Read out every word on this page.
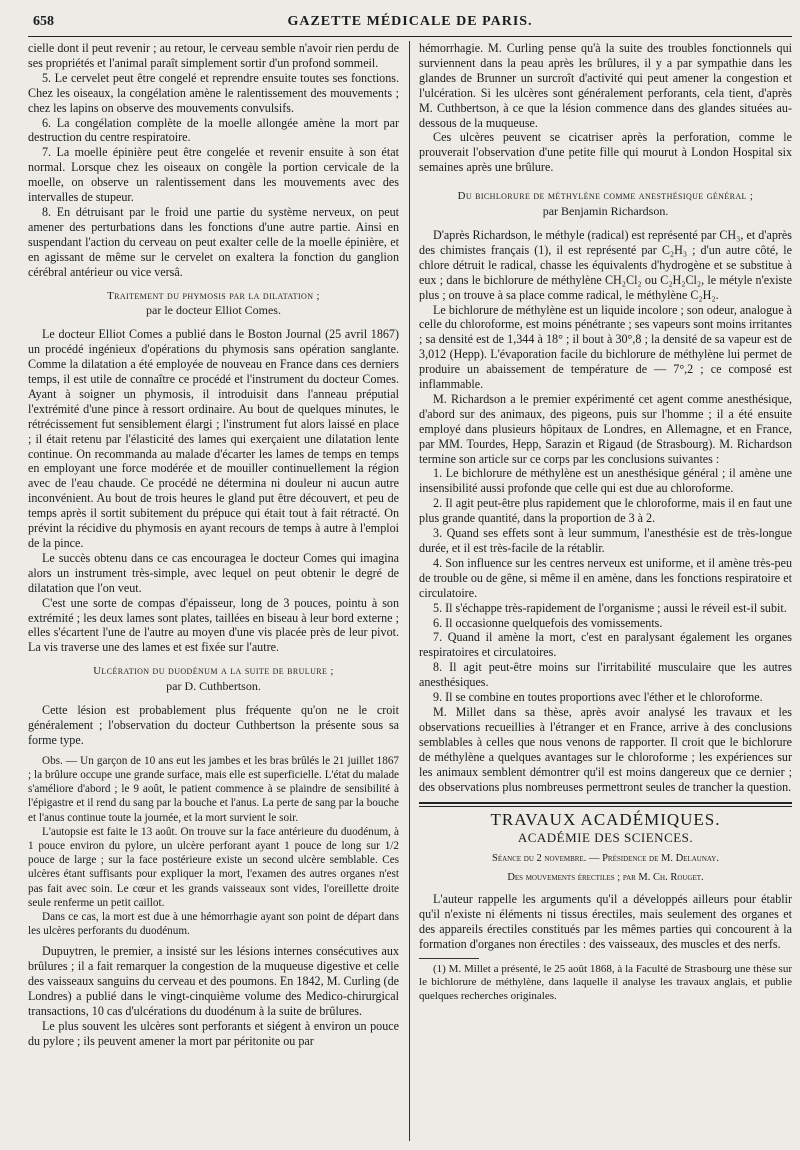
658	GAZETTE MÉDICALE DE PARIS.

cielle dont il peut revenir ; au retour, le cerveau semble n'avoir rien perdu de ses propriétés et l'animal paraît simplement sortir d'un profond sommeil.

5. Le cervelet peut être congelé et reprendre ensuite toutes ses fonctions. Chez les oiseaux, la congélation amène le ralentissement des mouvements ; chez les lapins on observe des mouvements convulsifs.

6. La congélation complète de la moelle allongée amène la mort par destruction du centre respiratoire.

7. La moelle épinière peut être congelée et revenir ensuite à son état normal. Lorsque chez les oiseaux on congèle la portion cervicale de la moelle, on observe un ralentissement dans les mouvements avec des intervalles de stupeur.

8. En détruisant par le froid une partie du système nerveux, on peut amener des perturbations dans les fonctions d'une autre partie. Ainsi en suspendant l'action du cerveau on peut exalter celle de la moelle épinière, et en agissant de même sur le cervelet on exaltera la fonction du ganglion cérébral antérieur ou vice versâ.

Traitement du phymosis par la dilatation ;
par le docteur Elliot Comes.

Le docteur Elliot Comes a publié dans le Boston Journal (25 avril 1867) un procédé ingénieux d'opérations du phymosis sans opération sanglante. Comme la dilatation a été employée de nouveau en France dans ces derniers temps, il est utile de connaître ce procédé et l'instrument du docteur Comes. Ayant à soigner un phymosis, il introduisit dans l'anneau préputial l'extrémité d'une pince à ressort ordinaire. Au bout de quelques minutes, le rétrécissement fut sensiblement élargi ; l'instrument fut alors laissé en place ; il était retenu par l'élasticité des lames qui exerçaient une dilatation lente continue. On recommanda au malade d'écarter les lames de temps en temps en employant une force modérée et de mouiller continuellement la région avec de l'eau chaude. Ce procédé ne détermina ni douleur ni aucun autre inconvénient. Au bout de trois heures le gland put être découvert, et peu de temps après il sortit subitement du prépuce qui était tout à fait rétracté. On prévint la récidive du phymosis en ayant recours de temps à autre à l'emploi de la pince.

Le succès obtenu dans ce cas encouragea le docteur Comes qui imagina alors un instrument très-simple, avec lequel on peut obtenir le degré de dilatation que l'on veut.

C'est une sorte de compas d'épaisseur, long de 3 pouces, pointu à son extrémité ; les deux lames sont plates, taillées en biseau à leur bord externe ; elles s'écartent l'une de l'autre au moyen d'une vis placée près de leur pivot. La vis traverse une des lames et est fixée sur l'autre.

Ulcération du duodénum a la suite de brulure ;
par D. Cuthbertson.

Cette lésion est probablement plus fréquente qu'on ne le croit généralement ; l'observation du docteur Cuthbertson la présente sous sa forme type.

Obs. — Un garçon de 10 ans eut les jambes et les bras brûlés le 21 juillet 1867 ; la brûlure occupe une grande surface, mais elle est superficielle. L'état du malade s'améliore d'abord ; le 9 août, le patient commence à se plaindre de sensibilité à l'épigastre et il rend du sang par la bouche et l'anus. La perte de sang par la bouche et l'anus continue toute la journée, et la mort survient le soir.

L'autopsie est faite le 13 août. On trouve sur la face antérieure du duodénum, à 1 pouce environ du pylore, un ulcère perforant ayant 1 pouce de long sur 1/2 pouce de large ; sur la face postérieure existe un second ulcère semblable. Ces ulcères étant suffisants pour expliquer la mort, l'examen des autres organes n'est pas fait avec soin. Le cœur et les grands vaisseaux sont vides, l'oreillette droite seule renferme un petit caillot.

Dans ce cas, la mort est due à une hémorrhagie ayant son point de départ dans les ulcères perforants du duodénum.

Dupuytren, le premier, a insisté sur les lésions internes consécutives aux brûlures ; il a fait remarquer la congestion de la muqueuse digestive et celle des vaisseaux sanguins du cerveau et des poumons. En 1842, M. Curling (de Londres) a publié dans le vingt-cinquième volume des Medico-chirurgical transactions, 10 cas d'ulcérations du duodénum à la suite de brûlures.

Le plus souvent les ulcères sont perforants et siégent à environ un pouce du pylore ; ils peuvent amener la mort par péritonite ou par

hémorrhagie. M. Curling pense qu'à la suite des troubles fonctionnels qui surviennent dans la peau après les brûlures, il y a par sympathie dans les glandes de Brunner un surcroît d'activité qui peut amener la congestion et l'ulcération. Si les ulcères sont généralement perforants, cela tient, d'après M. Cuthbertson, à ce que la lésion commence dans des glandes situées au-dessous de la muqueuse.

Ces ulcères peuvent se cicatriser après la perforation, comme le prouverait l'observation d'une petite fille qui mourut à London Hospital six semaines après une brûlure.

Du bichlorure de méthylène comme anesthésique général ;
par Benjamin Richardson.

D'après Richardson, le méthyle (radical) est représenté par CH₃, et d'après des chimistes français (1), il est représenté par C₂H₃ ; d'un autre côté, le chlore détruit le radical, chasse les équivalents d'hydrogène et se substitue à eux ; dans le bichlorure de méthylène CH₂Cl₂ ou C₂H₂Cl₂, le métyle n'existe plus ; on trouve à sa place comme radical, le méthylène C₂H₂.

Le bichlorure de méthylène est un liquide incolore ; son odeur, analogue à celle du chloroforme, est moins pénétrante ; ses vapeurs sont moins irritantes ; sa densité est de 1,344 à 18° ; il bout à 30°,8 ; la densité de sa vapeur est de 3,012 (Hepp). L'évaporation facile du bichlorure de méthylène lui permet de produire un abaissement de température de — 7°,2 ; ce composé est inflammable.

M. Richardson a le premier expérimenté cet agent comme anesthésique, d'abord sur des animaux, des pigeons, puis sur l'homme ; il a été ensuite employé dans plusieurs hôpitaux de Londres, en Allemagne, et en France, par MM. Tourdes, Hepp, Sarazin et Rigaud (de Strasbourg). M. Richardson termine son article sur ce corps par les conclusions suivantes :

1. Le bichlorure de méthylène est un anesthésique général ; il amène une insensibilité aussi profonde que celle qui est due au chloroforme.

2. Il agit peut-être plus rapidement que le chloroforme, mais il en faut une plus grande quantité, dans la proportion de 3 à 2.

3. Quand ses effets sont à leur summum, l'anesthésie est de très-longue durée, et il est très-facile de la rétablir.

4. Son influence sur les centres nerveux est uniforme, et il amène très-peu de trouble ou de gêne, si même il en amène, dans les fonctions respiratoire et circulatoire.

5. Il s'échappe très-rapidement de l'organisme ; aussi le réveil est-il subit.

6. Il occasionne quelquefois des vomissements.

7. Quand il amène la mort, c'est en paralysant également les organes respiratoires et circulatoires.

8. Il agit peut-être moins sur l'irritabilité musculaire que les autres anesthésiques.

9. Il se combine en toutes proportions avec l'éther et le chloroforme.

M. Millet dans sa thèse, après avoir analysé les travaux et les observations recueillies à l'étranger et en France, arrive à des conclusions semblables à celles que nous venons de rapporter. Il croit que le bichlorure de méthylène a quelques avantages sur le chloroforme ; les expériences sur les animaux semblent démontrer qu'il est moins dangereux que ce dernier ; des observations plus nombreuses permettront seules de trancher la question.

TRAVAUX ACADÉMIQUES.
ACADÉMIE DES SCIENCES.
Séance du 2 novembre. — Présidence de M. Delaunay.
Des mouvements érectiles ; par M. Ch. Rouget.

L'auteur rappelle les arguments qu'il a développés ailleurs pour établir qu'il n'existe ni éléments ni tissus érectiles, mais seulement des organes et des appareils érectiles constitués par les mêmes parties qui concourent à la formation d'organes non érectiles : des vaisseaux, des muscles et des nerfs.

(1) M. Millet a présenté, le 25 août 1868, à la Faculté de Strasbourg une thèse sur le bichlorure de méthylène, dans laquelle il analyse les travaux anglais, et publie quelques recherches originales.
